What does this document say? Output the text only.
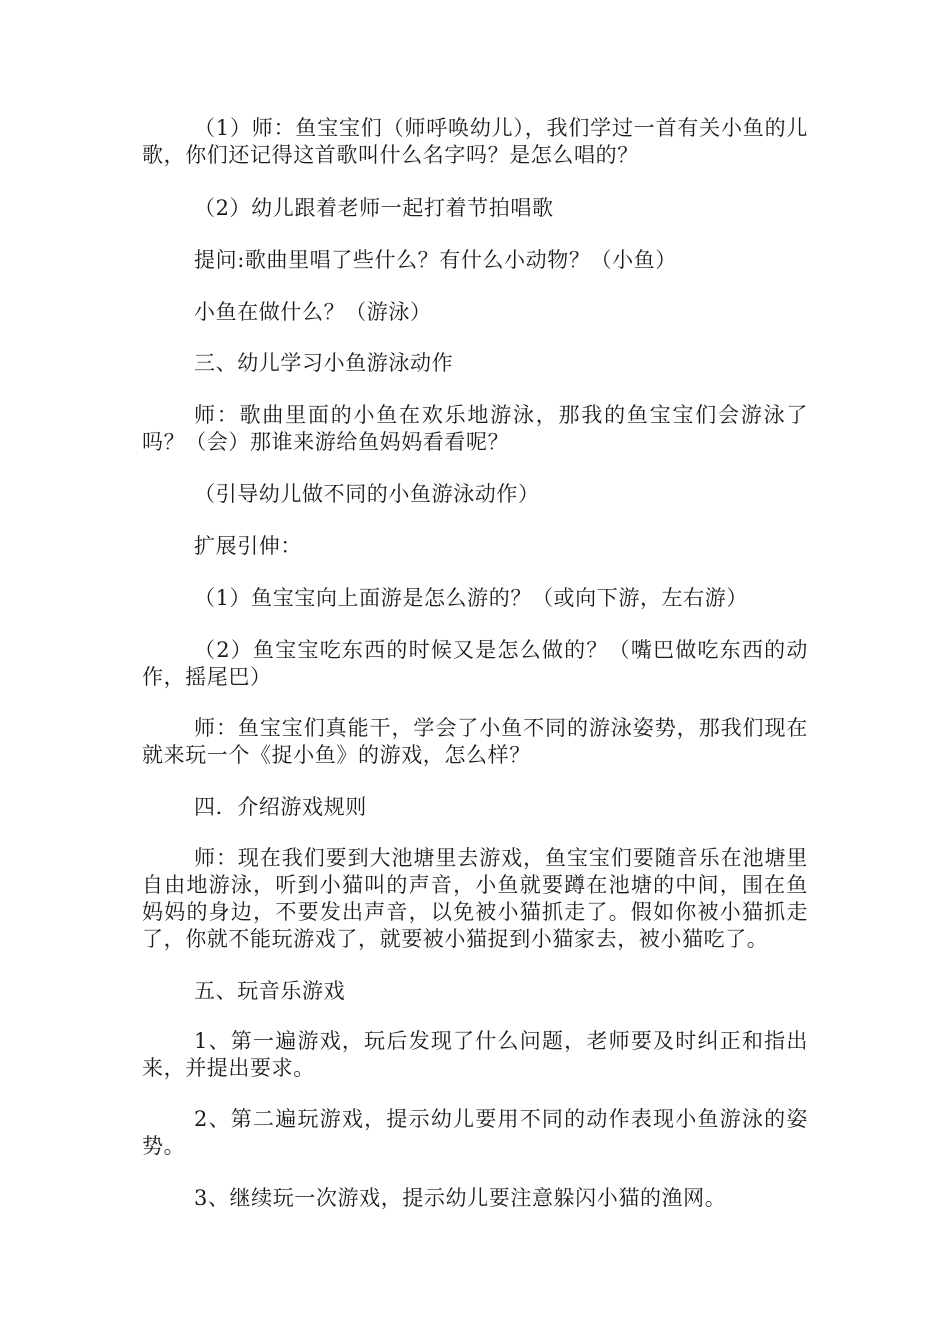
（1）师：鱼宝宝们（师呼唤幼儿），我们学过一首有关小鱼的儿歌，你们还记得这首歌叫什么名字吗？是怎么唱的？

（2）幼儿跟着老师一起打着节拍唱歌

提问:歌曲里唱了些什么？有什么小动物？（小鱼）

小鱼在做什么？（游泳）

三、幼儿学习小鱼游泳动作

师：歌曲里面的小鱼在欢乐地游泳，那我的鱼宝宝们会游泳了吗？（会）那谁来游给鱼妈妈看看呢？

（引导幼儿做不同的小鱼游泳动作）

扩展引伸：

（1）鱼宝宝向上面游是怎么游的？（或向下游，左右游）

（2）鱼宝宝吃东西的时候又是怎么做的？（嘴巴做吃东西的动作，摇尾巴）

师：鱼宝宝们真能干，学会了小鱼不同的游泳姿势，那我们现在就来玩一个《捉小鱼》的游戏，怎么样？

四．介绍游戏规则

师：现在我们要到大池塘里去游戏，鱼宝宝们要随音乐在池塘里自由地游泳，听到小猫叫的声音，小鱼就要蹲在池塘的中间，围在鱼妈妈的身边，不要发出声音，以免被小猫抓走了。假如你被小猫抓走了，你就不能玩游戏了，就要被小猫捉到小猫家去，被小猫吃了。

五、玩音乐游戏

1、第一遍游戏，玩后发现了什么问题，老师要及时纠正和指出来，并提出要求。

2、第二遍玩游戏，提示幼儿要用不同的动作表现小鱼游泳的姿势。

3、继续玩一次游戏，提示幼儿要注意躲闪小猫的渔网。
